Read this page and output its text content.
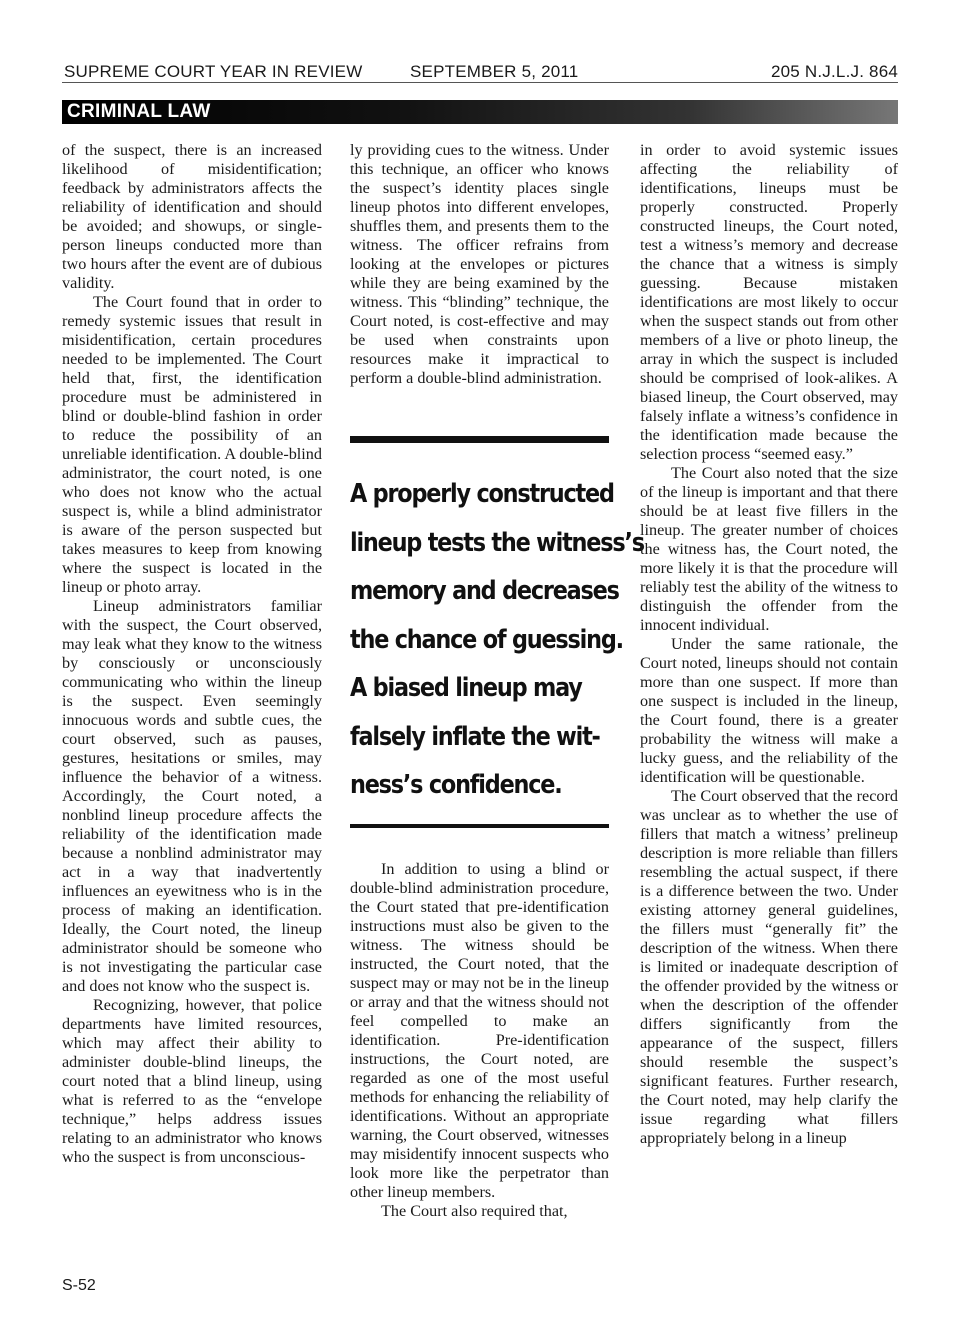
SUPREME COURT YEAR IN REVIEW	SEPTEMBER 5, 2011	205 N.J.L.J. 864
CRIMINAL LAW

of the suspect, there is an increased likelihood of misidentification; feedback by administrators affects the reliability of identification and should be avoided; and showups, or single-person lineups conducted more than two hours after the event are of dubious validity.

The Court found that in order to remedy systemic issues that result in misidentification, certain procedures needed to be implemented. The Court held that, first, the identification procedure must be administered in blind or double-blind fashion in order to reduce the possibility of an unreliable identification. A double-blind administrator, the court noted, is one who does not know who the actual suspect is, while a blind administrator is aware of the person suspected but takes measures to keep from knowing where the suspect is located in the lineup or photo array.

Lineup administrators familiar with the suspect, the Court observed, may leak what they know to the witness by consciously or unconsciously communicating who within the lineup is the suspect. Even seemingly innocuous words and subtle cues, the court observed, such as pauses, gestures, hesitations or smiles, may influence the behavior of a witness. Accordingly, the Court noted, a nonblind lineup procedure affects the reliability of the identification made because a nonblind administrator may act in a way that inadvertently influences an eyewitness who is in the process of making an identification. Ideally, the Court noted, the lineup administrator should be someone who is not investigating the particular case and does not know who the suspect is.

Recognizing, however, that police departments have limited resources, which may affect their ability to administer double-blind lineups, the court noted that a blind lineup, using what is referred to as the “envelope technique,” helps address issues relating to an administrator who knows who the suspect is from unconscious-

ly providing cues to the witness. Under this technique, an officer who knows the suspect’s identity places single lineup photos into different envelopes, shuffles them, and presents them to the witness. The officer refrains from looking at the envelopes or pictures while they are being examined by the witness. This “blinding” technique, the Court noted, is cost-effective and may be used when constraints upon resources make it impractical to perform a double-blind administration.

A properly constructed
lineup tests the witness’s
memory and decreases
the chance of guessing.
A biased lineup may
falsely inflate the wit-
ness’s confidence.

In addition to using a blind or double-blind administration procedure, the Court stated that pre-identification instructions must also be given to the witness. The witness should be instructed, the Court noted, that the suspect may or may not be in the lineup or array and that the witness should not feel compelled to make an identification. Pre-identification instructions, the Court noted, are regarded as one of the most useful methods for enhancing the reliability of identifications. Without an appropriate warning, the Court observed, witnesses may misidentify innocent suspects who look more like the perpetrator than other lineup members.

The Court also required that,

in order to avoid systemic issues affecting the reliability of identifications, lineups must be properly constructed. Properly constructed lineups, the Court noted, test a witness’s memory and decrease the chance that a witness is simply guessing. Because mistaken identifications are most likely to occur when the suspect stands out from other members of a live or photo lineup, the array in which the suspect is included should be comprised of look-alikes. A biased lineup, the Court observed, may falsely inflate a witness’s confidence in the identification made because the selection process “seemed easy.”

The Court also noted that the size of the lineup is important and that there should be at least five fillers in the lineup. The greater number of choices the witness has, the Court noted, the more likely it is that the procedure will reliably test the ability of the witness to distinguish the offender from the innocent individual.

Under the same rationale, the Court noted, lineups should not contain more than one suspect. If more than one suspect is included in the lineup, the Court found, there is a greater probability the witness will make a lucky guess, and the reliability of the identification will be questionable.

The Court observed that the record was unclear as to whether the use of fillers that match a witness’ prelineup description is more reliable than fillers resembling the actual suspect, if there is a difference between the two. Under existing attorney general guidelines, the fillers must “generally fit” the description of the witness. When there is limited or inadequate description of the offender provided by the witness or when the description of the offender differs significantly from the appearance of the suspect, fillers should resemble the suspect’s significant features. Further research, the Court noted, may help clarify the issue regarding what fillers appropriately belong in a lineup

S-52
